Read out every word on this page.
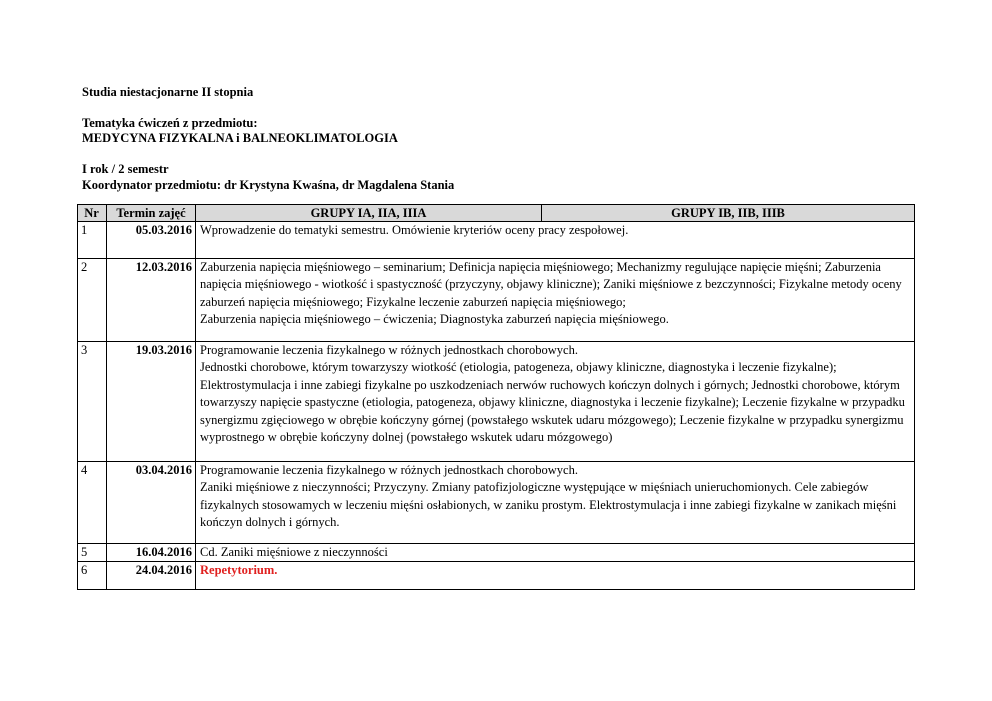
Studia niestacjonarne II stopnia
Tematyka ćwiczeń z przedmiotu:
MEDYCYNA FIZYKALNA i BALNEOKLIMATOLOGIA
I rok / 2 semestr
Koordynator przedmiotu: dr Krystyna Kwaśna, dr Magdalena Stania
Nr	Termin zajęć	GRUPY IA, IIA, IIIA	GRUPY IB, IIB, IIIB
1	05.03.2016	Wprowadzenie do tematyki semestru. Omówienie kryteriów oceny pracy zespołowej.	

2	12.03.2016	Zaburzenia napięcia mięśniowego – seminarium; Definicja napięcia mięśniowego; Mechanizmy regulujące napięcie mięśni; Zaburzenia napięcia mięśniowego - wiotkość i spastyczność (przyczyny, objawy kliniczne); Zaniki mięśniowe z bezczynności; Fizykalne metody oceny zaburzeń napięcia mięśniowego; Fizykalne leczenie zaburzeń napięcia mięśniowego;
Zaburzenia napięcia mięśniowego – ćwiczenia; Diagnostyka zaburzeń napięcia mięśniowego.	

3	19.03.2016	Programowanie leczenia fizykalnego w różnych jednostkach chorobowych.
Jednostki chorobowe, którym towarzyszy wiotkość (etiologia, patogeneza, objawy kliniczne, diagnostyka i leczenie fizykalne); Elektrostymulacja i inne zabiegi fizykalne po uszkodzeniach nerwów ruchowych kończyn dolnych i górnych; Jednostki chorobowe, którym towarzyszy napięcie spastyczne (etiologia, patogeneza, objawy kliniczne, diagnostyka i leczenie fizykalne); Leczenie fizykalne w przypadku synergizmu zgięciowego w obrębie kończyny górnej (powstałego wskutek udaru mózgowego); Leczenie fizykalne w przypadku synergizmu wyprostnego w obrębie kończyny dolnej (powstałego wskutek udaru mózgowego)	

4	03.04.2016	Programowanie leczenia fizykalnego w różnych jednostkach chorobowych.
Zaniki mięśniowe z nieczynności; Przyczyny. Zmiany patofizjologiczne występujące w mięśniach unieruchomionych. Cele zabiegów fizykalnych stosowamych w leczeniu mięśni osłabionych, w zaniku prostym. Elektrostymulacja i inne zabiegi fizykalne w zanikach mięśni kończyn dolnych i górnych.	

5	16.04.2016	Cd. Zaniki mięśniowe z nieczynności	

6	24.04.2016	Repetytorium.	
